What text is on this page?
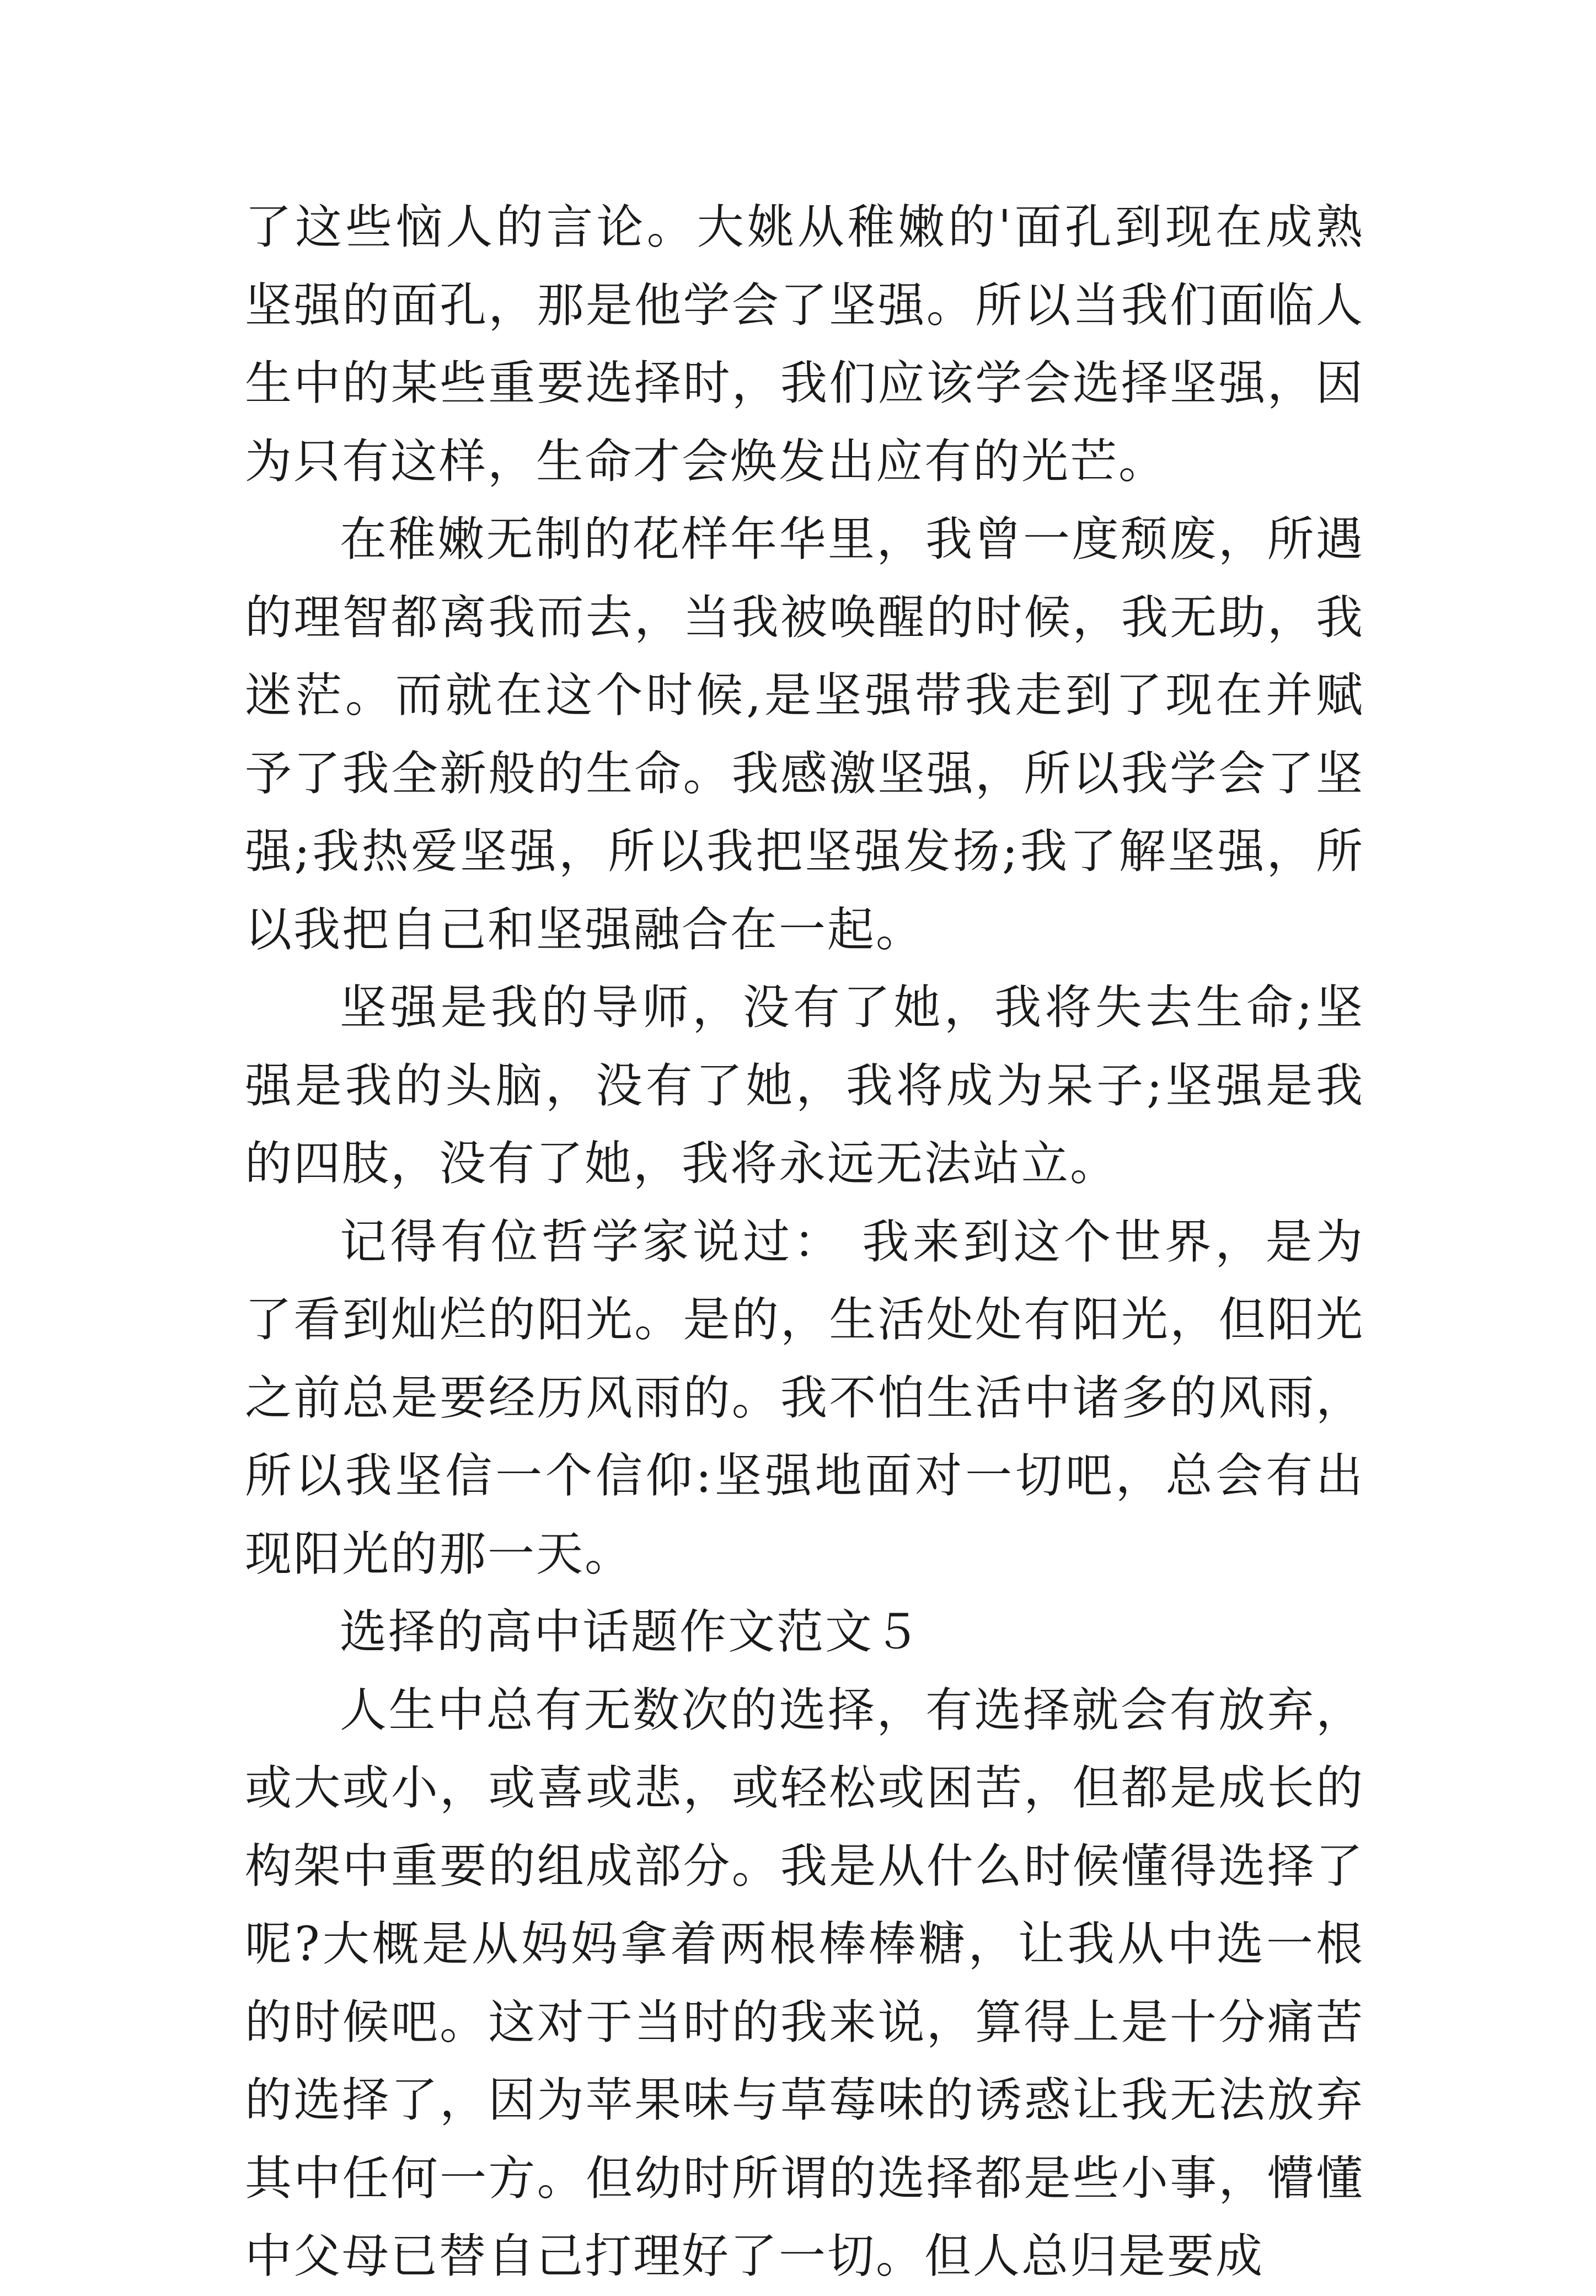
了这些恼人的言论。大姚从稚嫩的'面孔到现在成熟坚强的面孔，那是他学会了坚强。所以当我们面临人生中的某些重要选择时，我们应该学会选择坚强，因为只有这样，生命才会焕发出应有的光芒。

在稚嫩无制的花样年华里，我曾一度颓废，所遇的理智都离我而去，当我被唤醒的时候，我无助，我迷茫。而就在这个时候,是坚强带我走到了现在并赋予了我全新般的生命。我感激坚强，所以我学会了坚强;我热爱坚强，所以我把坚强发扬;我了解坚强，所以我把自己和坚强融合在一起。

坚强是我的导师，没有了她，我将失去生命;坚强是我的头脑，没有了她，我将成为呆子;坚强是我的四肢，没有了她，我将永远无法站立。

记得有位哲学家说过： 我来到这个世界，是为了看到灿烂的阳光。是的，生活处处有阳光，但阳光之前总是要经历风雨的。我不怕生活中诸多的风雨，所以我坚信一个信仰:坚强地面对一切吧，总会有出现阳光的那一天。

选择的高中话题作文范文５

人生中总有无数次的选择，有选择就会有放弃，或大或小，或喜或悲，或轻松或困苦，但都是成长的构架中重要的组成部分。我是从什么时候懂得选择了呢?大概是从妈妈拿着两根棒棒糖，让我从中选一根的时候吧。这对于当时的我来说，算得上是十分痛苦的选择了，因为苹果味与草莓味的诱惑让我无法放弃其中任何一方。但幼时所谓的选择都是些小事，懵懂中父母已替自己打理好了一切。但人总归是要成
